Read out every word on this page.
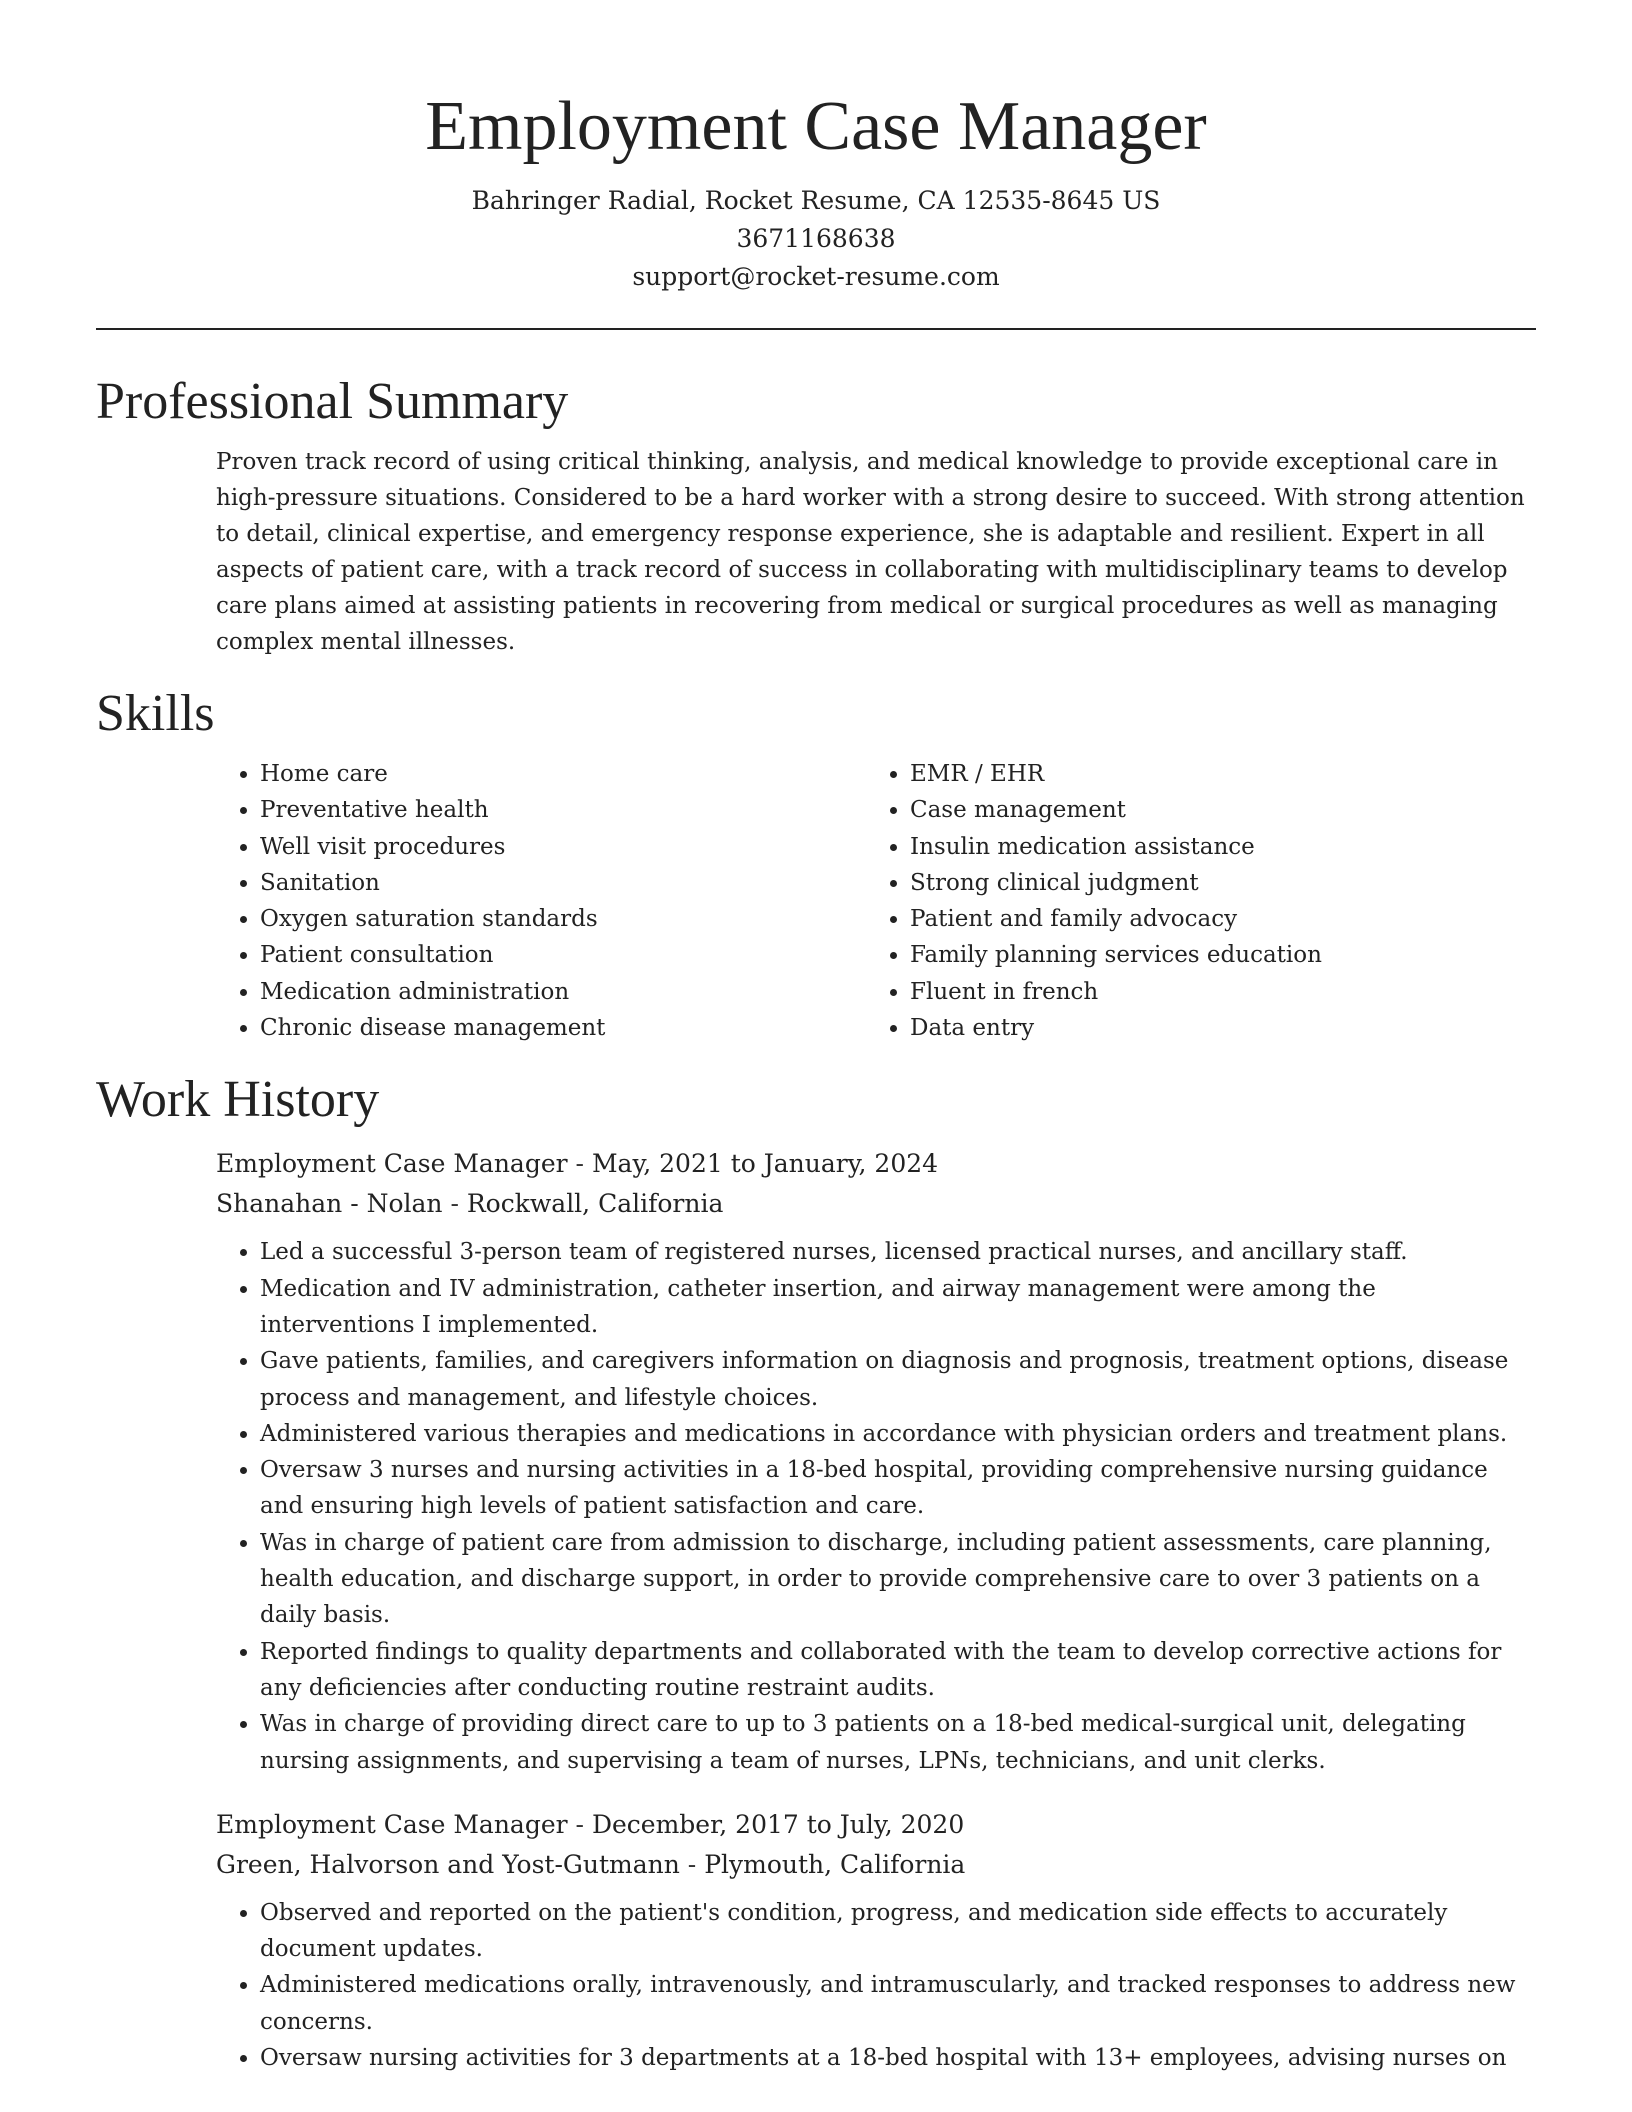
Employment Case Manager
Bahringer Radial, Rocket Resume, CA 12535-8645 US
3671168638
support@rocket-resume.com
Professional Summary

Proven track record of using critical thinking, analysis, and medical knowledge to provide exceptional care in high-pressure situations. Considered to be a hard worker with a strong desire to succeed. With strong attention to detail, clinical expertise, and emergency response experience, she is adaptable and resilient. Expert in all aspects of patient care, with a track record of success in collaborating with multidisciplinary teams to develop care plans aimed at assisting patients in recovering from medical or surgical procedures as well as managing complex mental illnesses.

Skills
• Home care
• Preventative health
• Well visit procedures
• Sanitation
• Oxygen saturation standards
• Patient consultation
• Medication administration
• Chronic disease management
• EMR / EHR
• Case management
• Insulin medication assistance
• Strong clinical judgment
• Patient and family advocacy
• Family planning services education
• Fluent in french
• Data entry
Work History
Employment Case Manager - May, 2021 to January, 2024
Shanahan - Nolan - Rockwall, California
• Led a successful 3-person team of registered nurses, licensed practical nurses, and ancillary staff.
• Medication and IV administration, catheter insertion, and airway management were among the interventions I implemented.
• Gave patients, families, and caregivers information on diagnosis and prognosis, treatment options, disease process and management, and lifestyle choices.
• Administered various therapies and medications in accordance with physician orders and treatment plans.
• Oversaw 3 nurses and nursing activities in a 18-bed hospital, providing comprehensive nursing guidance and ensuring high levels of patient satisfaction and care.
• Was in charge of patient care from admission to discharge, including patient assessments, care planning, health education, and discharge support, in order to provide comprehensive care to over 3 patients on a daily basis.
• Reported findings to quality departments and collaborated with the team to develop corrective actions for any deficiencies after conducting routine restraint audits.
• Was in charge of providing direct care to up to 3 patients on a 18-bed medical-surgical unit, delegating nursing assignments, and supervising a team of nurses, LPNs, technicians, and unit clerks.
Employment Case Manager - December, 2017 to July, 2020
Green, Halvorson and Yost-Gutmann - Plymouth, California
• Observed and reported on the patient's condition, progress, and medication side effects to accurately document updates.
• Administered medications orally, intravenously, and intramuscularly, and tracked responses to address new concerns.
• Oversaw nursing activities for 3 departments at a 18-bed hospital with 13+ employees, advising nurses on
